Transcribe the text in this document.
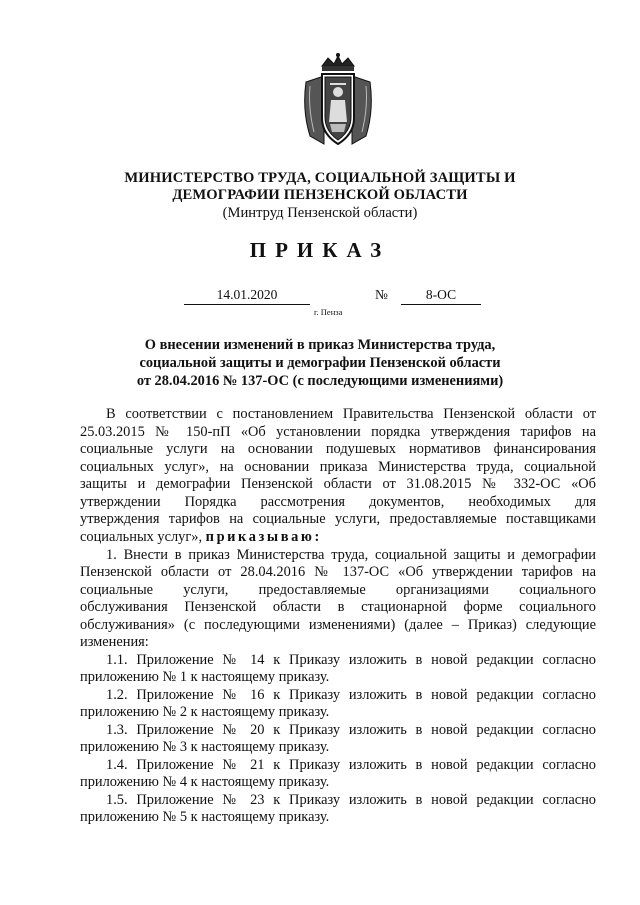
МИНИСТЕРСТВО ТРУДА, СОЦИАЛЬНОЙ ЗАЩИТЫ И
ДЕМОГРАФИИ ПЕНЗЕНСКОЙ ОБЛАСТИ
(Минтруд Пензенской области)
ПРИКАЗ
14.01.2020	№	8-ОС
г. Пенза
О внесении изменений в приказ Министерства труда,
социальной защиты и демографии Пензенской области
от 28.04.2016 № 137-ОС (с последующими изменениями)
В соответствии с постановлением Правительства Пензенской области от
25.03.2015 № 150-пП «Об установлении порядка утверждения тарифов на
социальные услуги на основании подушевых нормативов финансирования
социальных услуг», на основании приказа Министерства труда, социальной
защиты и демографии Пензенской области от 31.08.2015 № 332-ОС «Об
утверждении Порядка рассмотрения документов, необходимых для
утверждения тарифов на социальные услуги, предоставляемые поставщиками
социальных услуг», приказываю:
1. Внести в приказ Министерства труда, социальной защиты и демографии
Пензенской области от 28.04.2016 № 137-ОС «Об утверждении тарифов на
социальные услуги, предоставляемые организациями социального
обслуживания Пензенской области в стационарной форме социального
обслуживания» (с последующими изменениями) (далее – Приказ) следующие
изменения:
1.1. Приложение № 14 к Приказу изложить в новой редакции согласно
приложению № 1 к настоящему приказу.
1.2. Приложение № 16 к Приказу изложить в новой редакции согласно
приложению № 2 к настоящему приказу.
1.3. Приложение № 20 к Приказу изложить в новой редакции согласно
приложению № 3 к настоящему приказу.
1.4. Приложение № 21 к Приказу изложить в новой редакции согласно
приложению № 4 к настоящему приказу.
1.5. Приложение № 23 к Приказу изложить в новой редакции согласно
приложению № 5 к настоящему приказу.
